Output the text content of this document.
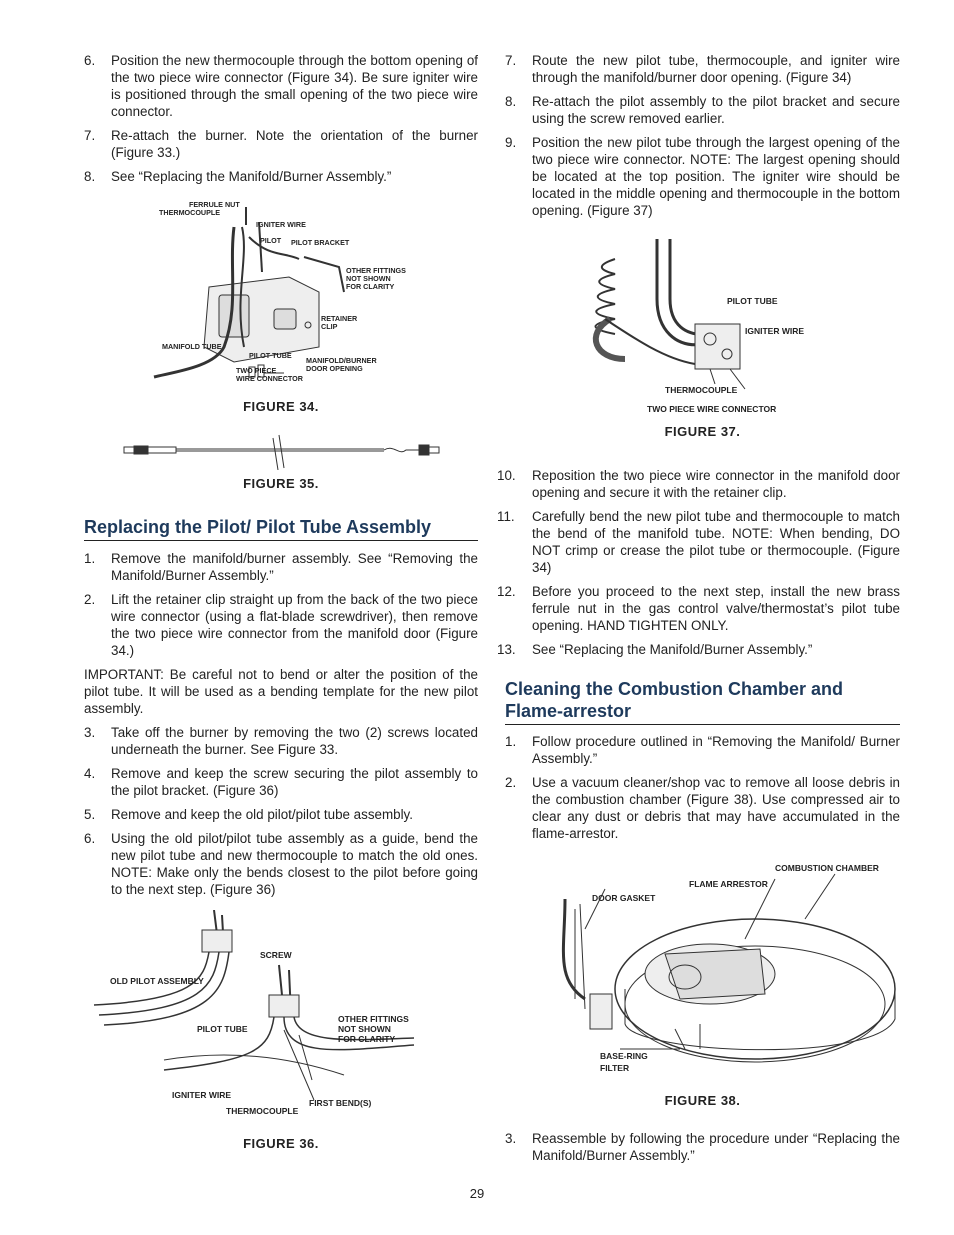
6.	Position the new thermocouple through the bottom opening of the two piece wire connector (Figure 34). Be sure igniter wire is positioned through the small opening of the two piece wire connector.
7.	Re-attach the burner. Note the orientation of the burner (Figure 33.)
8.	See “Replacing the Manifold/Burner Assembly.”
FERRULE NUT
THERMOCOUPLE
IGNITER WIRE
PILOT PILOT BRACKET
OTHER FITTINGS
NOT SHOWN
FOR CLARITY
RETAINER
CLIP
MANIFOLD TUBE
PILOT TUBE
MANIFOLD/BURNER
DOOR OPENING
TWO PIECE
WIRE CONNECTOR
FIGURE 34.
FIGURE 35.
Replacing the Pilot/ Pilot Tube Assembly
1.	Remove the manifold/burner assembly. See “Removing the Manifold/Burner Assembly.”
2.	Lift the retainer clip straight up from the back of the two piece wire connector (using a flat-blade screwdriver), then remove the two piece wire connector from the manifold door (Figure 34.)
IMPORTANT: Be careful not to bend or alter the position of the pilot tube. It will be used as a bending template for the new pilot assembly.
3.	Take off the burner by removing the two (2) screws located underneath the burner. See Figure 33.
4.	Remove and keep the screw securing the pilot assembly to the pilot bracket. (Figure 36)
5.	Remove and keep the old pilot/pilot tube assembly.
6.	Using the old pilot/pilot tube assembly as a guide, bend the new pilot tube and new thermocouple to match the old ones. NOTE: Make only the bends closest to the pilot before going to the next step. (Figure 36)
SCREW
OLD PILOT ASSEMBLY
PILOT TUBE
OTHER FITTINGS
NOT SHOWN
FOR CLARITY
IGNITER WIRE
THERMOCOUPLE
FIRST BEND(S)
FIGURE 36.
7.	Route the new pilot tube, thermocouple, and igniter wire through the manifold/burner door opening. (Figure 34)
8.	Re-attach the pilot assembly to the pilot bracket and secure using the screw removed earlier.
9.	Position the new pilot tube through the largest opening of the two piece wire connector. NOTE: The largest opening should be located at the top position. The igniter wire should be located in the middle opening and thermocouple in the bottom opening. (Figure 37)
PILOT TUBE
IGNITER WIRE
THERMOCOUPLE
TWO PIECE WIRE CONNECTOR
FIGURE 37.
10.	Reposition the two piece wire connector in the manifold door opening and secure it with the retainer clip.
11.	Carefully bend the new pilot tube and thermocouple to match the bend of the manifold tube. NOTE: When bending, DO NOT crimp or crease the pilot tube or thermocouple. (Figure 34)
12.	Before you proceed to the next step, install the new brass ferrule nut in the gas control valve/thermostat’s pilot tube opening. HAND TIGHTEN ONLY.
13.	See “Replacing the Manifold/Burner Assembly.”
Cleaning the Combustion Chamber and Flame-arrestor
1.	Follow procedure outlined in “Removing the Manifold/ Burner Assembly.”
2.	Use a vacuum cleaner/shop vac to remove all loose debris in the combustion chamber (Figure 38). Use compressed air to clear any dust or debris that may have accumulated in the flame-arrestor.
COMBUSTION CHAMBER
FLAME ARRESTOR
DOOR GASKET
BASE-RING
FILTER
FIGURE 38.
3.	Reassemble by following the procedure under “Replacing the Manifold/Burner Assembly.”
29
